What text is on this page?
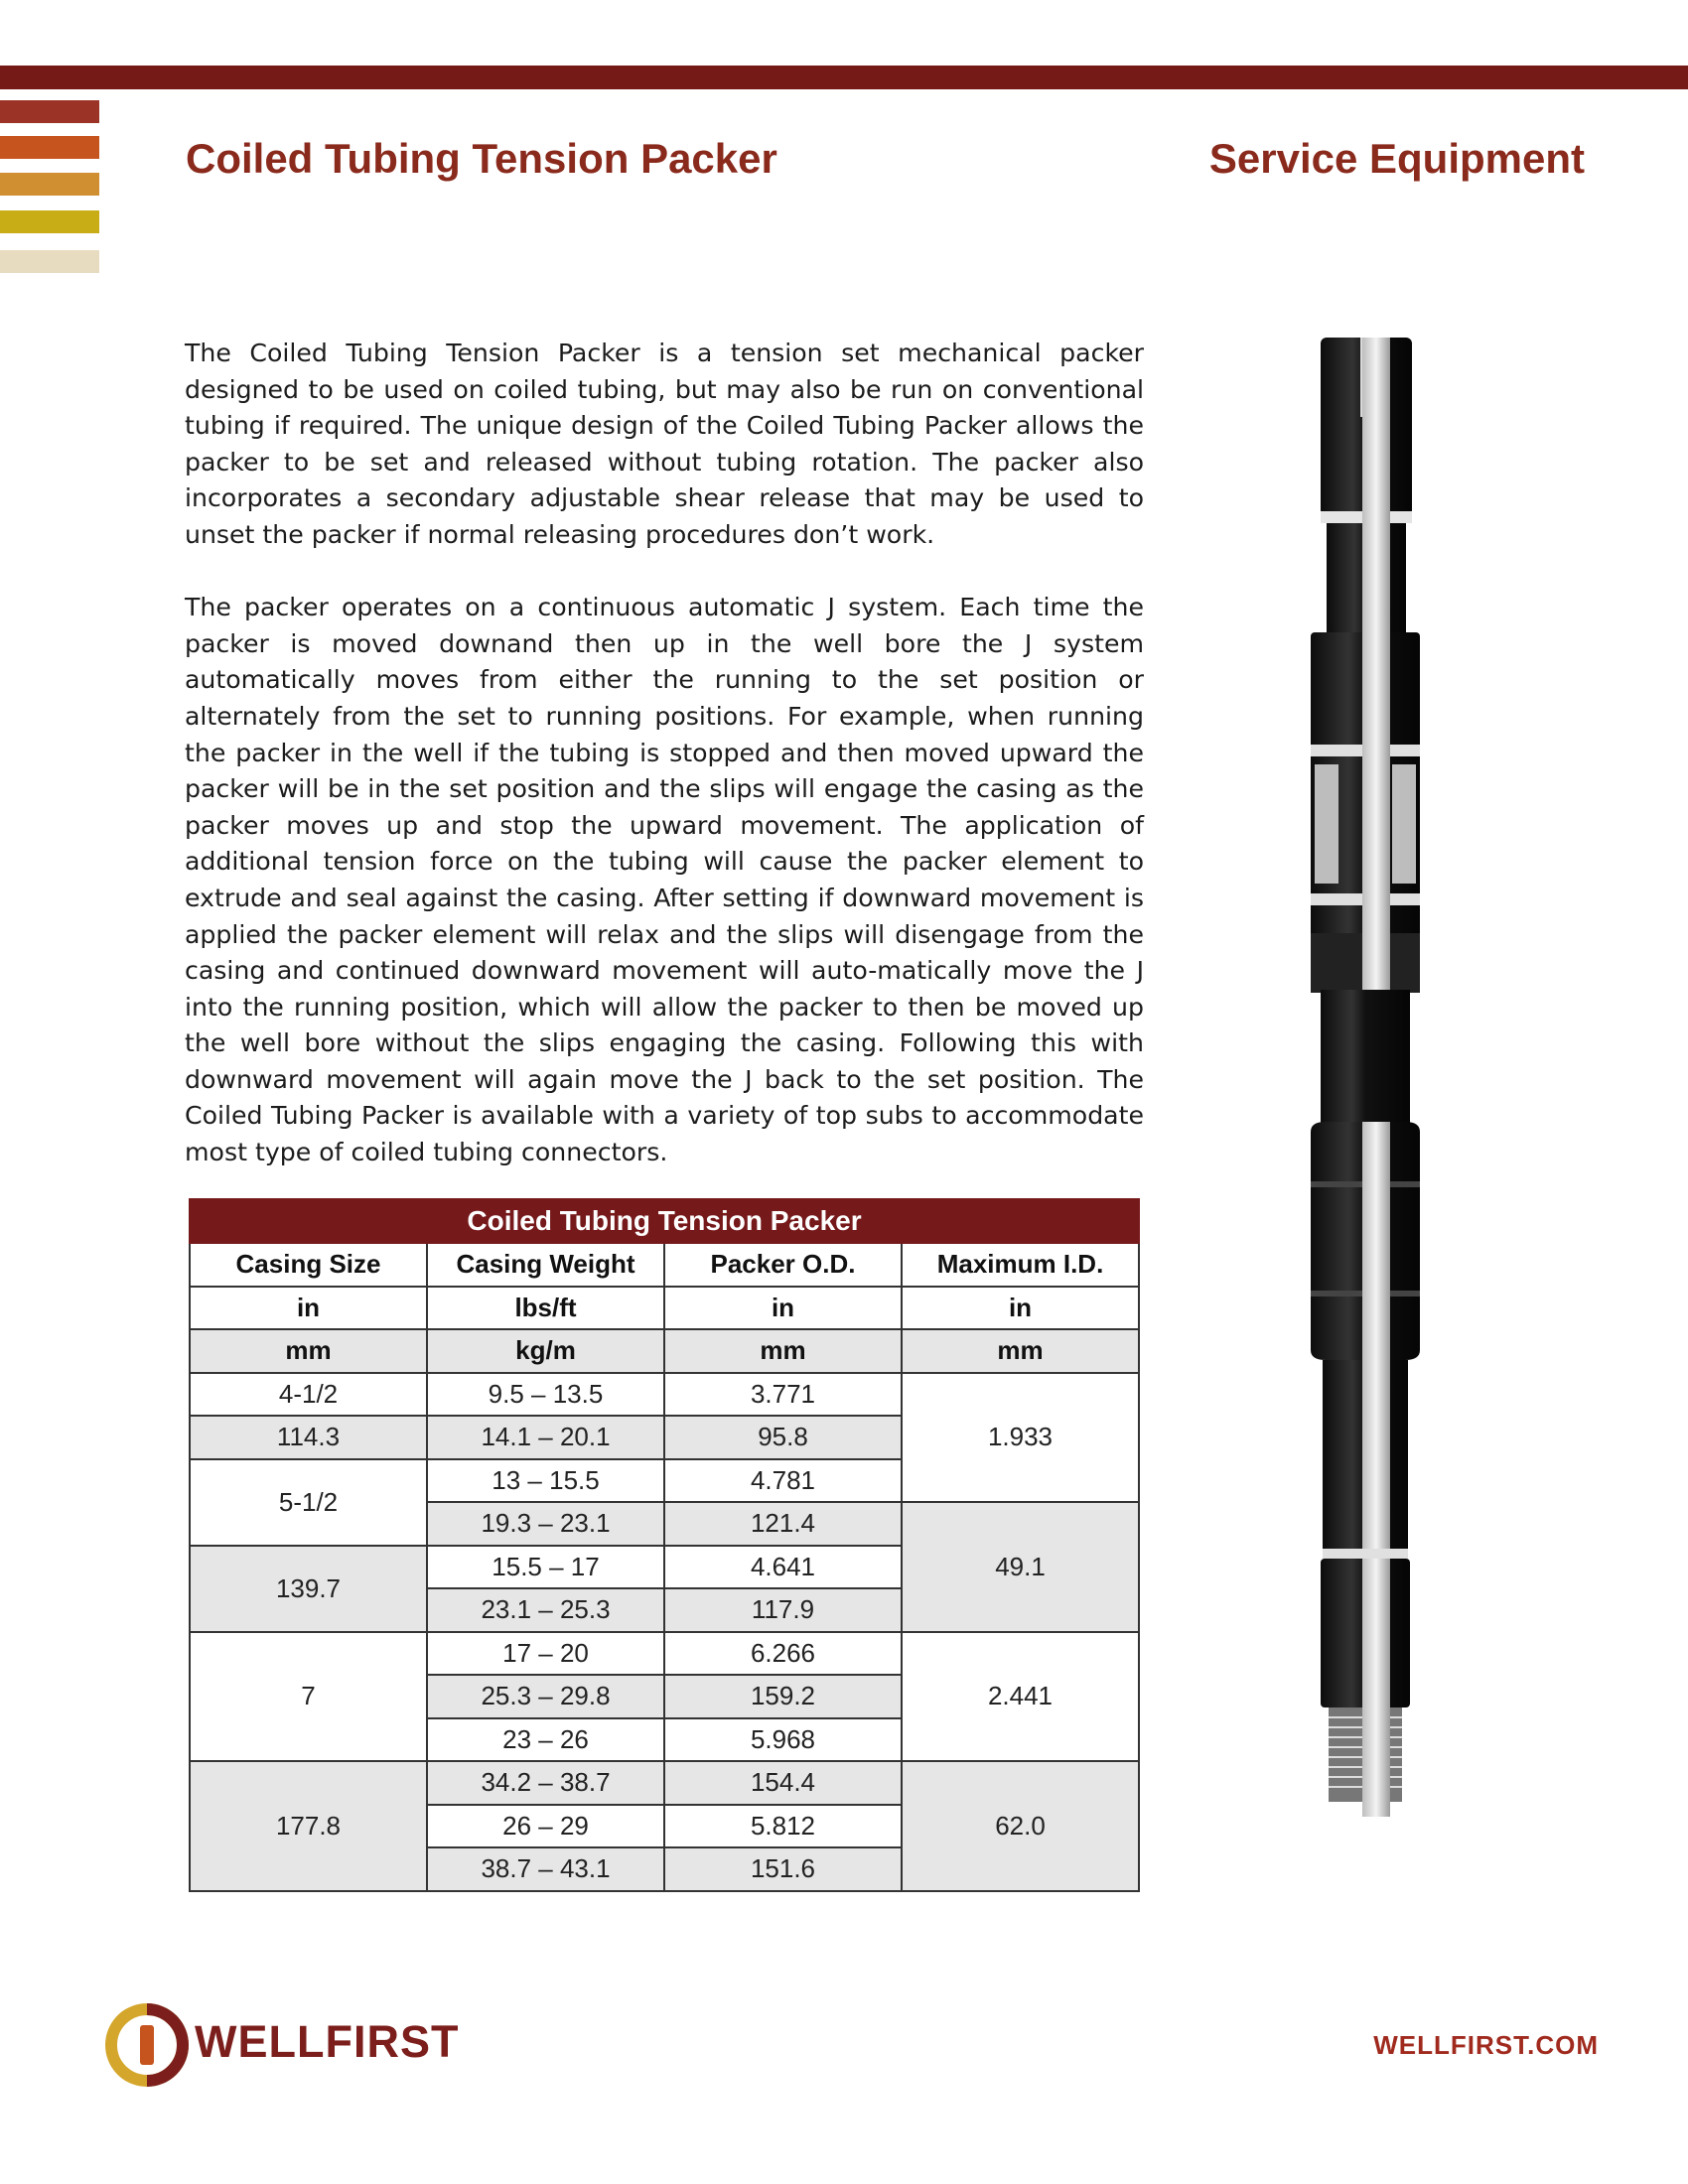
Coiled Tubing Tension Packer	Service Equipment

The Coiled Tubing Tension Packer is a tension set mechanical packer designed to be used on coiled tubing, but may also be run on conventional tubing if required. The unique design of the Coiled Tubing Packer allows the packer to be set and released without tubing rotation. The packer also incorporates a secondary adjustable shear release that may be used to unset the packer if normal releasing procedures don’t work.

The packer operates on a continuous automatic J system. Each time the packer is moved downand then up in the well bore the J system automatically moves from either the running to the set position or alternately from the set to running positions. For example, when running the packer in the well if the tubing is stopped and then moved upward the packer will be in the set position and the slips will engage the casing as the packer moves up and stop the upward movement. The application of additional tension force on the tubing will cause the packer element to extrude and seal against the casing. After setting if downward movement is applied the packer element will relax and the slips will disengage from the casing and continued downward movement will auto-matically move the J into the running position, which will allow the packer to then be moved up the well bore without the slips engaging the casing. Following this with downward movement will again move the J back to the set position. The Coiled Tubing Packer is available with a variety of top subs to accommodate most type of coiled tubing connectors.

Coiled Tubing Tension Packer			
Casing Size	Casing Weight	Packer O.D.	Maximum I.D.
in	lbs/ft	in	in
mm	kg/m	mm	mm
4-1/2	9.5 – 13.5	3.771	1.933
114.3	14.1 – 20.1	95.8	
5-1/2	13 – 15.5	4.781	
	19.3 – 23.1	121.4	49.1
139.7	15.5 – 17	4.641	
	23.1 – 25.3	117.9	
7	17 – 20	6.266	2.441
	25.3 – 29.8	159.2	
	23 – 26	5.968	
177.8	34.2 – 38.7	154.4	62.0
	26 – 29	5.812	
	38.7 – 43.1	151.6	
WELLFIRST	WELLFIRST.COM
